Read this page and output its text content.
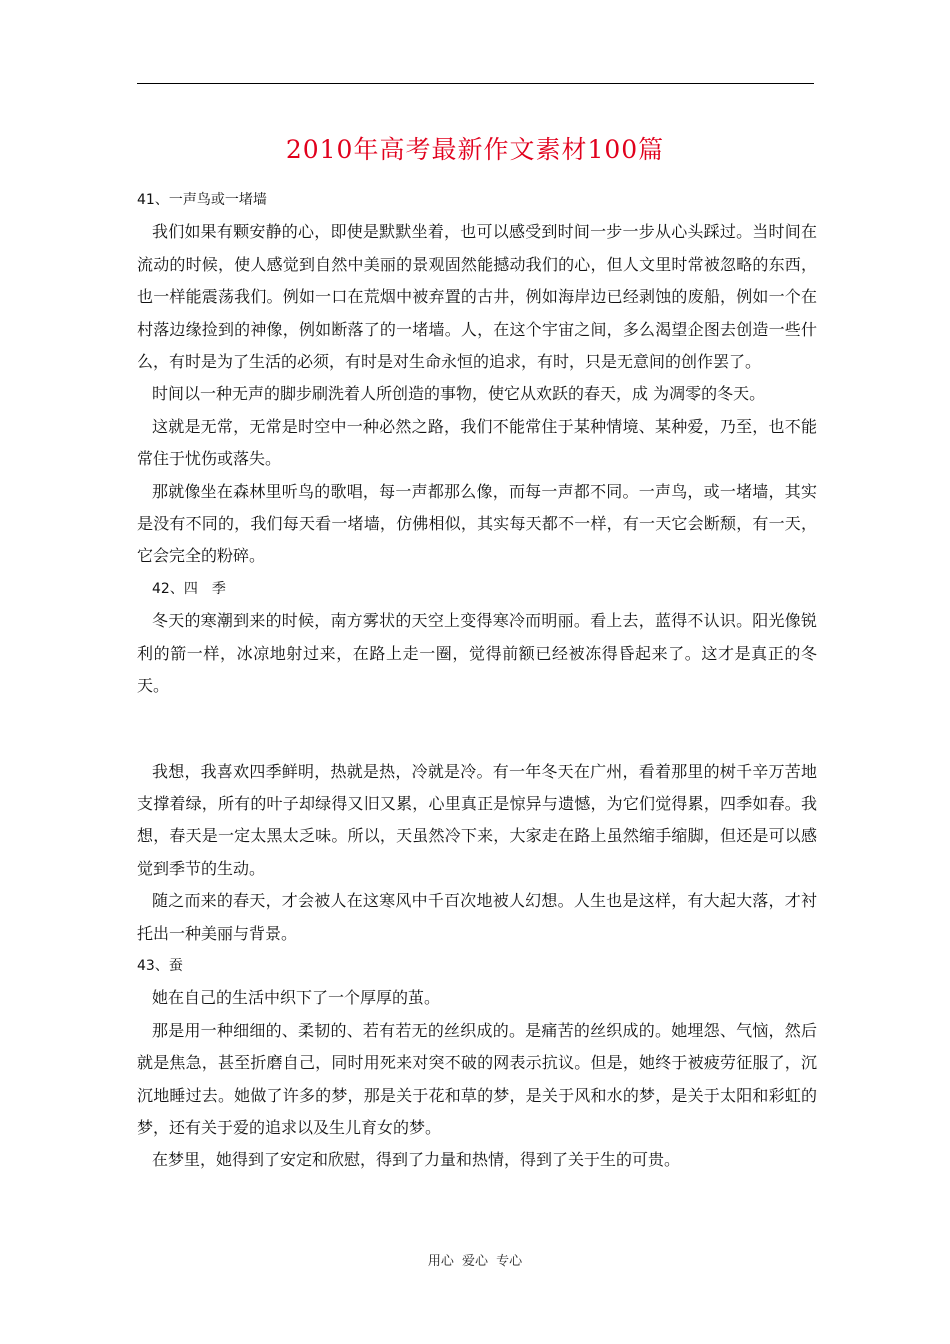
2010年高考最新作文素材100篇
41、一声鸟或一堵墙

我们如果有颗安静的心，即使是默默坐着，也可以感受到时间一步一步从心头踩过。当时间在流动的时候，使人感觉到自然中美丽的景观固然能撼动我们的心，但人文里时常被忽略的东西，也一样能震荡我们。例如一口在荒烟中被弃置的古井，例如海岸边已经剥蚀的废船，例如一个在村落边缘捡到的神像，例如断落了的一堵墙。人，在这个宇宙之间，多么渴望企图去创造一些什么，有时是为了生活的必须，有时是对生命永恒的追求，有时，只是无意间的创作罢了。

时间以一种无声的脚步刷洗着人所创造的事物，使它从欢跃的春天，成 为凋零的冬天。

这就是无常，无常是时空中一种必然之路，我们不能常住于某种情境、某种爱，乃至，也不能常住于忧伤或落失。

那就像坐在森林里听鸟的歌唱，每一声都那么像，而每一声都不同。一声鸟，或一堵墙，其实是没有不同的，我们每天看一堵墙，仿佛相似，其实每天都不一样，有一天它会断颓，有一天，它会完全的粉碎。

42、四　季

冬天的寒潮到来的时候，南方雾状的天空上变得寒冷而明丽。看上去，蓝得不认识。阳光像锐利的箭一样，冰凉地射过来，在路上走一圈，觉得前额已经被冻得昏起来了。这才是真正的冬天。

我想，我喜欢四季鲜明，热就是热，冷就是冷。有一年冬天在广州，看着那里的树千辛万苦地支撑着绿，所有的叶子却绿得又旧又累，心里真正是惊异与遗憾，为它们觉得累，四季如春。我想，春天是一定太黑太乏味。所以，天虽然冷下来，大家走在路上虽然缩手缩脚，但还是可以感觉到季节的生动。

随之而来的春天，才会被人在这寒风中千百次地被人幻想。人生也是这样，有大起大落，才衬托出一种美丽与背景。

43、蚕

她在自己的生活中织下了一个厚厚的茧。

那是用一种细细的、柔韧的、若有若无的丝织成的。是痛苦的丝织成的。她埋怨、气恼，然后就是焦急，甚至折磨自己，同时用死来对突不破的网表示抗议。但是，她终于被疲劳征服了，沉沉地睡过去。她做了许多的梦，那是关于花和草的梦，是关于风和水的梦，是关于太阳和彩虹的梦，还有关于爱的追求以及生儿育女的梦。

在梦里，她得到了安定和欣慰，得到了力量和热情，得到了关于生的可贵。

用心 爱心 专心
